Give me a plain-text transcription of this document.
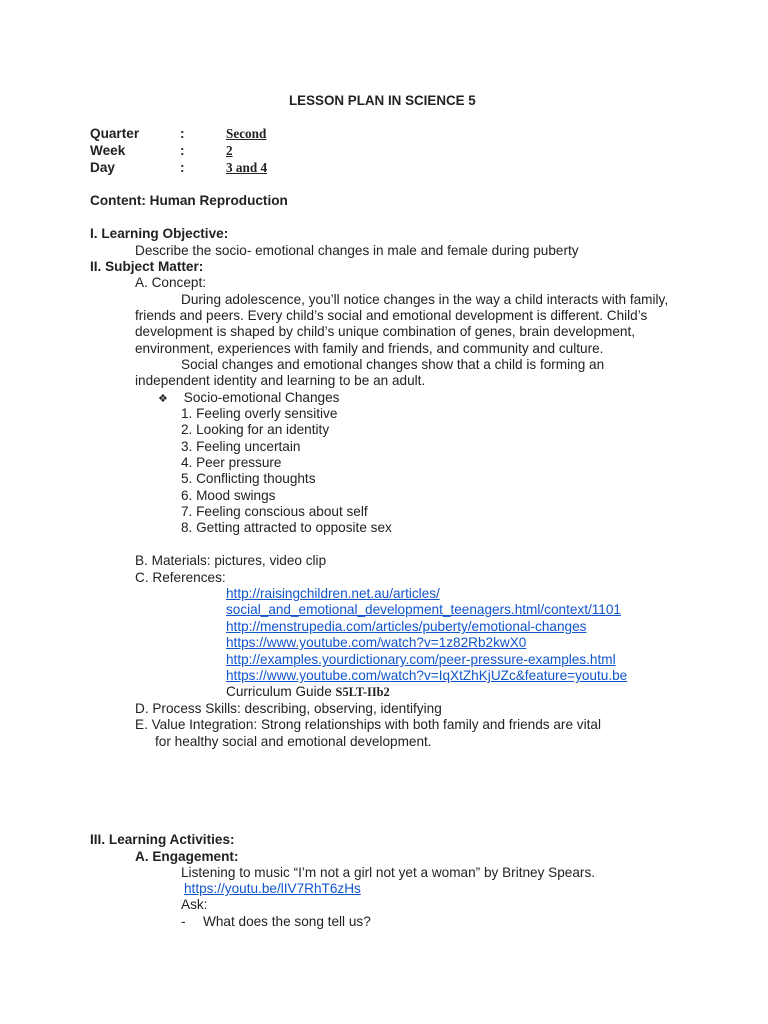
LESSON PLAN IN SCIENCE 5
Quarter	:	Second
Week	:	2
Day	:	3 and 4
Content: Human Reproduction
I. Learning Objective:
Describe the socio- emotional changes in male and female during puberty
II. Subject Matter:
A. Concept:
During adolescence, you’ll notice changes in the way a child interacts with family,
friends and peers. Every child’s social and emotional development is different. Child’s
development is shaped by child’s unique combination of genes, brain development,
environment, experiences with family and friends, and community and culture.
Social changes and emotional changes show that a child is forming an
independent identity and learning to be an adult.
❖ Socio-emotional Changes
1. Feeling overly sensitive
2. Looking for an identity
3. Feeling uncertain
4. Peer pressure
5. Conflicting thoughts
6. Mood swings
7. Feeling conscious about self
8. Getting attracted to opposite sex
B. Materials: pictures, video clip
C. References:
http://raisingchildren.net.au/articles/
social_and_emotional_development_teenagers.html/context/1101
http://menstrupedia.com/articles/puberty/emotional-changes
https://www.youtube.com/watch?v=1z82Rb2kwX0
http://examples.yourdictionary.com/peer-pressure-examples.html
https://www.youtube.com/watch?v=IqXtZhKjUZc&feature=youtu.be
Curriculum Guide S5LT-IIb2
D. Process Skills: describing, observing, identifying
E. Value Integration: Strong relationships with both family and friends are vital
for healthy social and emotional development.
III. Learning Activities:
A. Engagement:
Listening to music “I’m not a girl not yet a woman” by Britney Spears.
https://youtu.be/lIV7RhT6zHs
Ask:
- What does the song tell us?
